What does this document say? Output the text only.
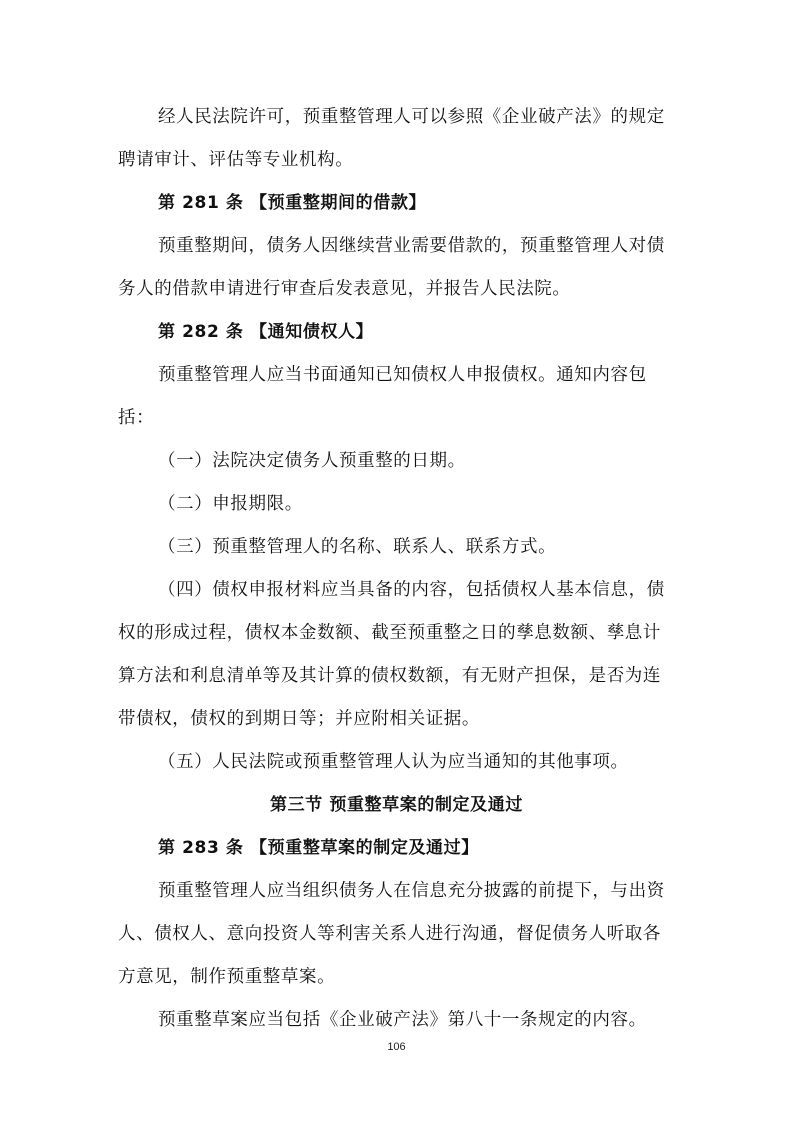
经人民法院许可，预重整管理人可以参照《企业破产法》的规定
聘请审计、评估等专业机构。
第 281 条 【预重整期间的借款】
预重整期间，债务人因继续营业需要借款的，预重整管理人对债
务人的借款申请进行审查后发表意见，并报告人民法院。
第 282 条 【通知债权人】
预重整管理人应当书面通知已知债权人申报债权。通知内容包
括：
（一）法院决定债务人预重整的日期。
（二）申报期限。
（三）预重整管理人的名称、联系人、联系方式。
（四）债权申报材料应当具备的内容，包括债权人基本信息，债
权的形成过程，债权本金数额、截至预重整之日的孳息数额、孳息计
算方法和利息清单等及其计算的债权数额，有无财产担保，是否为连
带债权，债权的到期日等；并应附相关证据。
（五）人民法院或预重整管理人认为应当通知的其他事项。
第三节 预重整草案的制定及通过
第 283 条 【预重整草案的制定及通过】
预重整管理人应当组织债务人在信息充分披露的前提下，与出资
人、债权人、意向投资人等利害关系人进行沟通，督促债务人听取各
方意见，制作预重整草案。
预重整草案应当包括《企业破产法》第八十一条规定的内容。
106
